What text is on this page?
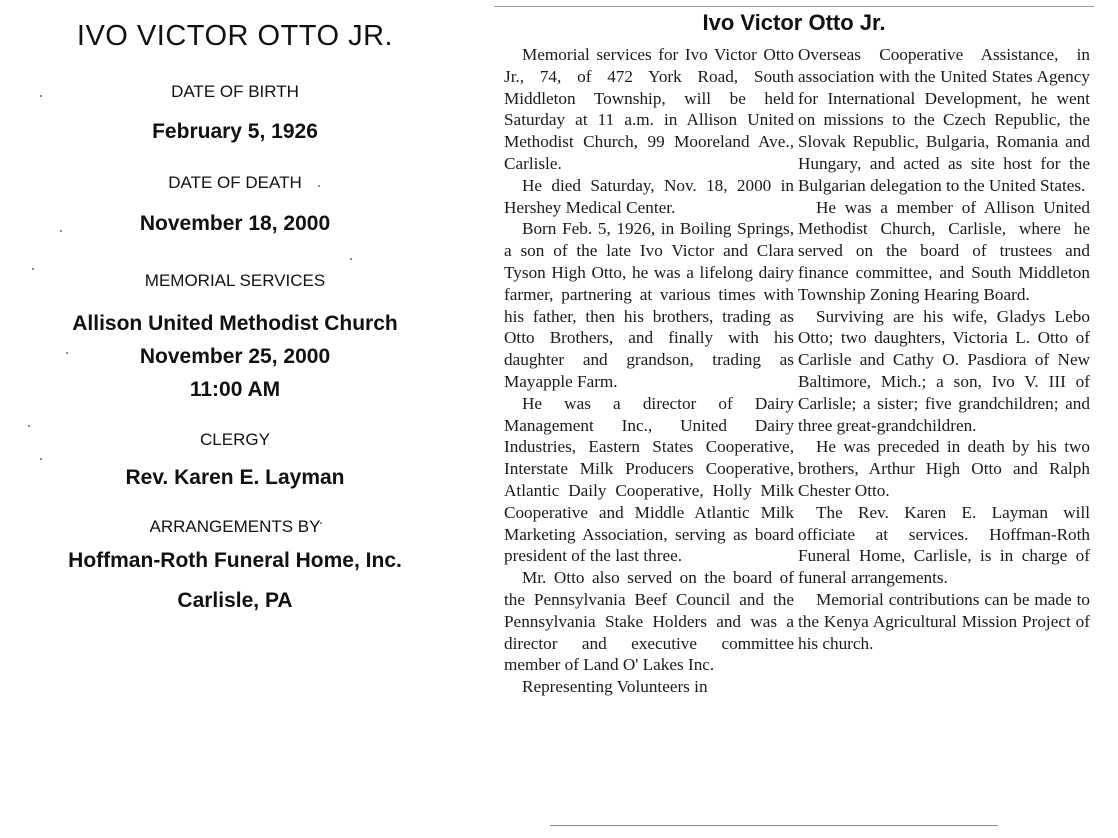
IVO VICTOR OTTO JR.
DATE OF BIRTH
February 5, 1926
DATE OF DEATH
November 18, 2000
MEMORIAL SERVICES
Allison United Methodist Church
November 25, 2000
11:00 AM
CLERGY
Rev. Karen E. Layman
ARRANGEMENTS BY
Hoffman-Roth Funeral Home, Inc.
Carlisle, PA
Ivo Victor Otto Jr.

Memorial services for Ivo Victor Otto Jr., 74, of 472 York Road, South Middleton Township, will be held Saturday at 11 a.m. in Allison United Methodist Church, 99 Mooreland Ave., Carlisle.

He died Saturday, Nov. 18, 2000 in Hershey Medical Center.

Born Feb. 5, 1926, in Boiling Springs, a son of the late Ivo Victor and Clara Tyson High Otto, he was a lifelong dairy farmer, partnering at various times with his father, then his brothers, trading as Otto Brothers, and finally with his daughter and grandson, trading as Mayapple Farm.

He was a director of Dairy Management Inc., United Dairy Industries, Eastern States Cooperative, Interstate Milk Producers Cooperative, Atlantic Daily Cooperative, Holly Milk Cooperative and Middle Atlantic Milk Marketing Association, serving as board president of the last three.

Mr. Otto also served on the board of the Pennsylvania Beef Council and the Pennsylvania Stake Holders and was a director and executive committee member of Land O' Lakes Inc.

Representing Volunteers in

Overseas Cooperative Assistance, in association with the United States Agency for International Development, he went on missions to the Czech Republic, the Slovak Republic, Bulgaria, Romania and Hungary, and acted as site host for the Bulgarian delegation to the United States.

He was a member of Allison United Methodist Church, Carlisle, where he served on the board of trustees and finance committee, and South Middleton Township Zoning Hearing Board.

Surviving are his wife, Gladys Lebo Otto; two daughters, Victoria L. Otto of Carlisle and Cathy O. Pasdiora of New Baltimore, Mich.; a son, Ivo V. III of Carlisle; a sister; five grandchildren; and three great-grandchildren.

He was preceded in death by his two brothers, Arthur High Otto and Ralph Chester Otto.

The Rev. Karen E. Layman will officiate at services. Hoffman-Roth Funeral Home, Carlisle, is in charge of funeral arrangements.

Memorial contributions can be made to the Kenya Agricultural Mission Project of his church.
